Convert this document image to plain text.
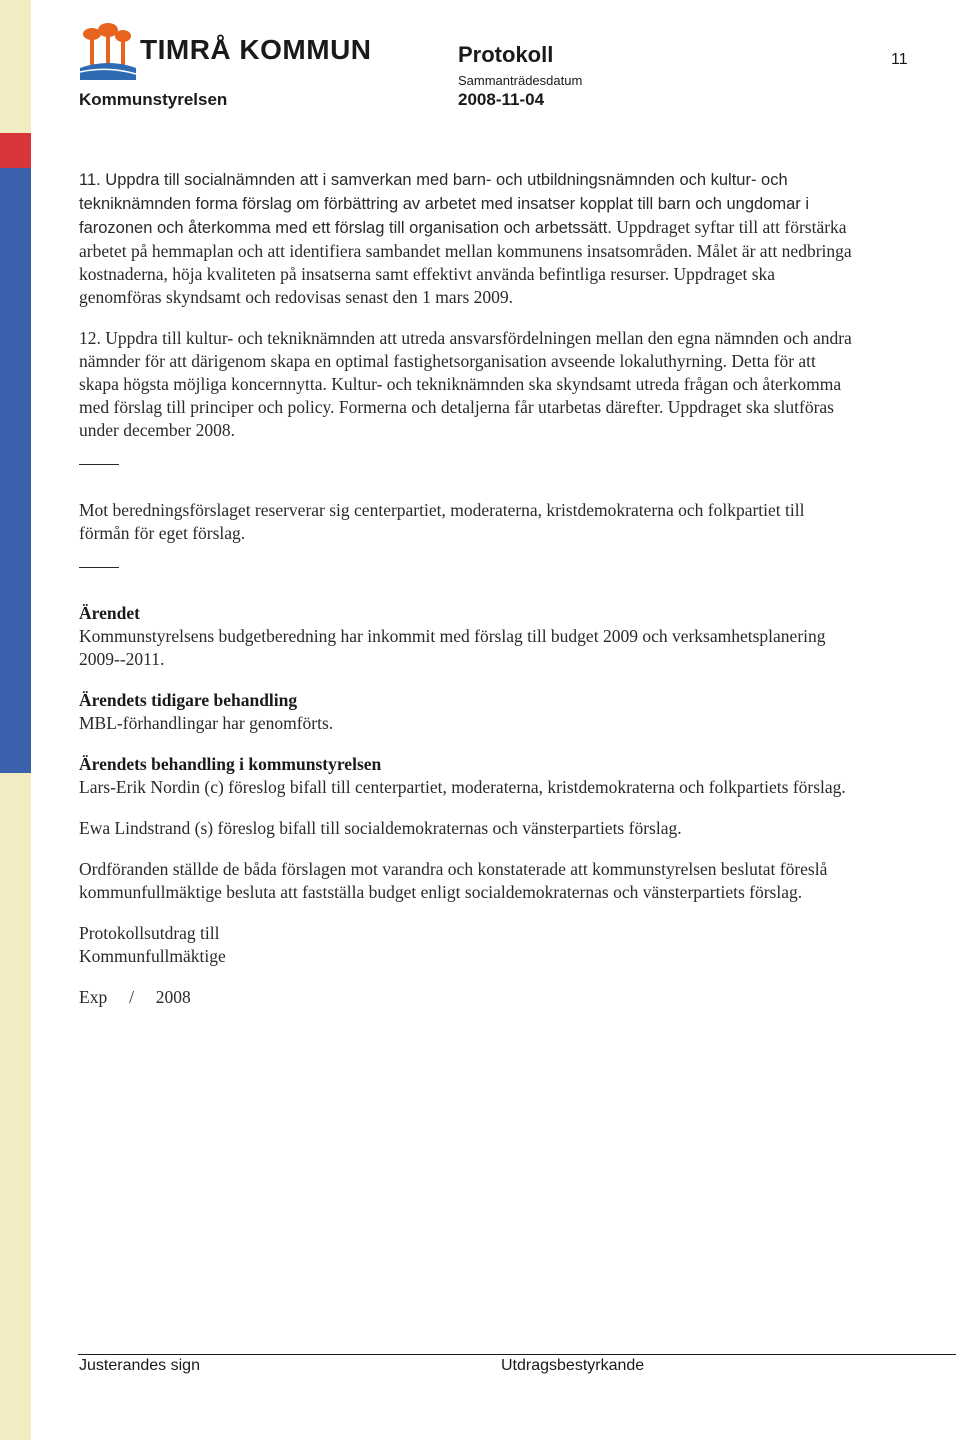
TIMRÅ KOMMUN
Kommunstyrelsen
Protokoll
Sammanträdesdatum
2008-11-04
11

11. Uppdra till socialnämnden att i samverkan med barn- och utbildningsnämnden och kultur- och tekniknämnden forma förslag om förbättring av arbetet med insatser kopplat till barn och ungdomar i farozonen och återkomma med ett förslag till organisation och arbetssätt. Uppdraget syftar till att förstärka arbetet på hemmaplan och att identifiera sambandet mellan kommunens insatsområden. Målet är att nedbringa kostnaderna, höja kvaliteten på insatserna samt effektivt använda befintliga resurser. Uppdraget ska genomföras skyndsamt och redovisas senast den 1 mars 2009.

12. Uppdra till kultur- och tekniknämnden att utreda ansvarsfördelningen mellan den egna nämnden och andra nämnder för att därigenom skapa en optimal fastighetsorganisation avseende lokaluthyrning. Detta för att skapa högsta möjliga koncernnytta. Kultur- och tekniknämnden ska skyndsamt utreda frågan och återkomma med förslag till principer och policy. Formerna och detaljerna får utarbetas därefter. Uppdraget ska slutföras under december 2008.

Mot beredningsförslaget reserverar sig centerpartiet, moderaterna, kristdemokraterna och folkpartiet till förmån för eget förslag.

Ärendet

Kommunstyrelsens budgetberedning har inkommit med förslag till budget 2009 och verksamhetsplanering 2009--2011.

Ärendets tidigare behandling

MBL-förhandlingar har genomförts.

Ärendets behandling i kommunstyrelsen

Lars-Erik Nordin (c) föreslog bifall till centerpartiet, moderaterna, kristdemokraterna och folkpartiets förslag.

Ewa Lindstrand (s) föreslog bifall till socialdemokraternas och vänsterpartiets förslag.

Ordföranden ställde de båda förslagen mot varandra och konstaterade att kommunstyrelsen beslutat föreslå kommunfullmäktige besluta att fastställa budget enligt socialdemokraternas och vänsterpartiets förslag.

Protokollsutdrag till

Kommunfullmäktige

Exp     /     2008

Justerandes sign	Utdragsbestyrkande
